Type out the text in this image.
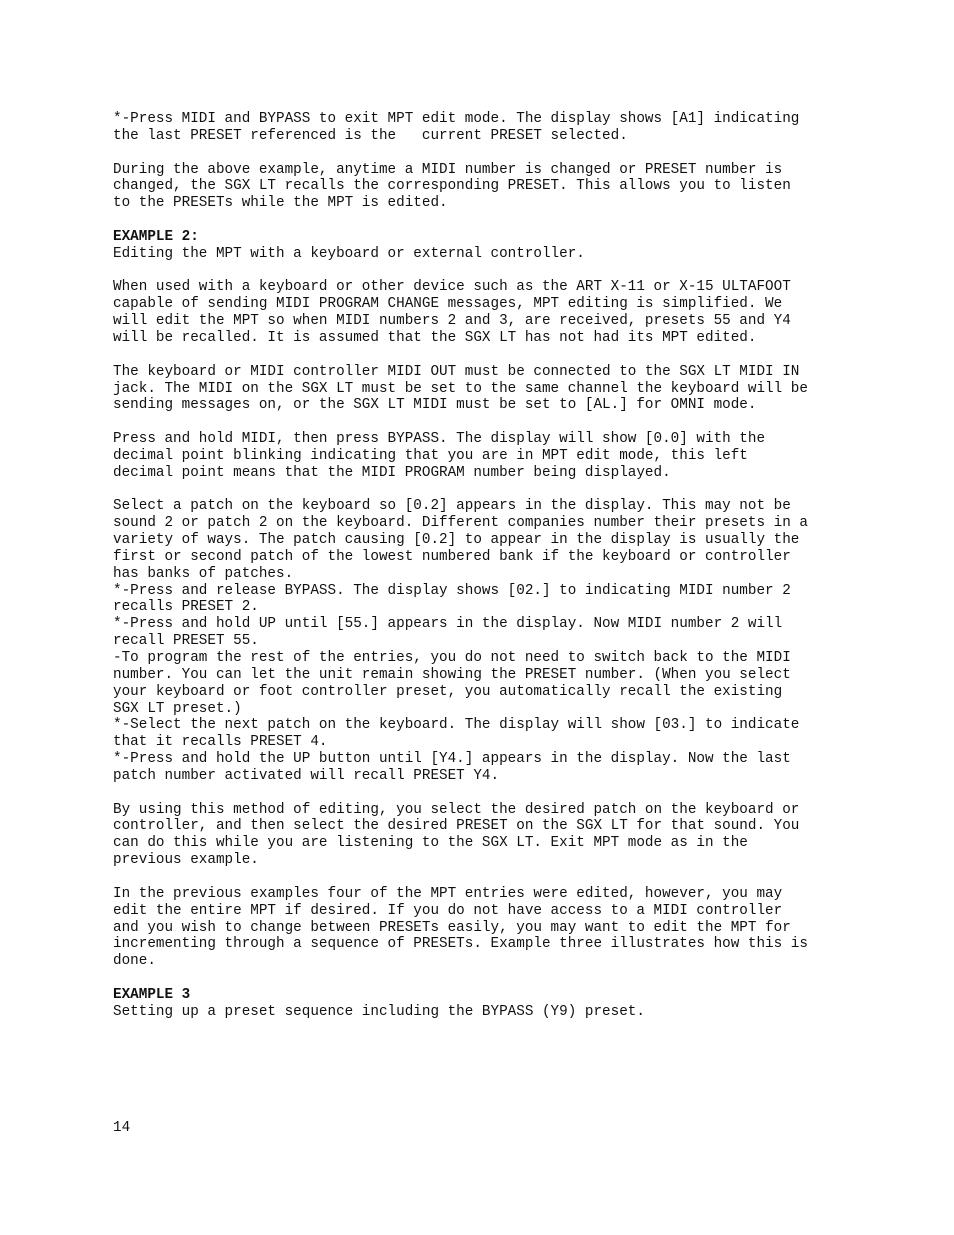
*-Press MIDI and BYPASS to exit MPT edit mode. The display shows [A1] indicating
the last PRESET referenced is the   current PRESET selected.
During the above example, anytime a MIDI number is changed or PRESET number is
changed, the SGX LT recalls the corresponding PRESET. This allows you to listen
to the PRESETs while the MPT is edited.
EXAMPLE 2:
Editing the MPT with a keyboard or external controller.
When used with a keyboard or other device such as the ART X-11 or X-15 ULTAFOOT
capable of sending MIDI PROGRAM CHANGE messages, MPT editing is simplified. We
will edit the MPT so when MIDI numbers 2 and 3, are received, presets 55 and Y4
will be recalled. It is assumed that the SGX LT has not had its MPT edited.
The keyboard or MIDI controller MIDI OUT must be connected to the SGX LT MIDI IN
jack. The MIDI on the SGX LT must be set to the same channel the keyboard will be
sending messages on, or the SGX LT MIDI must be set to [AL.] for OMNI mode.
Press and hold MIDI, then press BYPASS. The display will show [0.0] with the
decimal point blinking indicating that you are in MPT edit mode, this left
decimal point means that the MIDI PROGRAM number being displayed.
Select a patch on the keyboard so [0.2] appears in the display. This may not be
sound 2 or patch 2 on the keyboard. Different companies number their presets in a
variety of ways. The patch causing [0.2] to appear in the display is usually the
first or second patch of the lowest numbered bank if the keyboard or controller
has banks of patches.
*-Press and release BYPASS. The display shows [02.] to indicating MIDI number 2
recalls PRESET 2.
*-Press and hold UP until [55.] appears in the display. Now MIDI number 2 will
recall PRESET 55.
-To program the rest of the entries, you do not need to switch back to the MIDI
number. You can let the unit remain showing the PRESET number. (When you select
your keyboard or foot controller preset, you automatically recall the existing
SGX LT preset.)
*-Select the next patch on the keyboard. The display will show [03.] to indicate
that it recalls PRESET 4.
*-Press and hold the UP button until [Y4.] appears in the display. Now the last
patch number activated will recall PRESET Y4.
By using this method of editing, you select the desired patch on the keyboard or
controller, and then select the desired PRESET on the SGX LT for that sound. You
can do this while you are listening to the SGX LT. Exit MPT mode as in the
previous example.
In the previous examples four of the MPT entries were edited, however, you may
edit the entire MPT if desired. If you do not have access to a MIDI controller
and you wish to change between PRESETs easily, you may want to edit the MPT for
incrementing through a sequence of PRESETs. Example three illustrates how this is
done.
EXAMPLE 3
Setting up a preset sequence including the BYPASS (Y9) preset.
14
